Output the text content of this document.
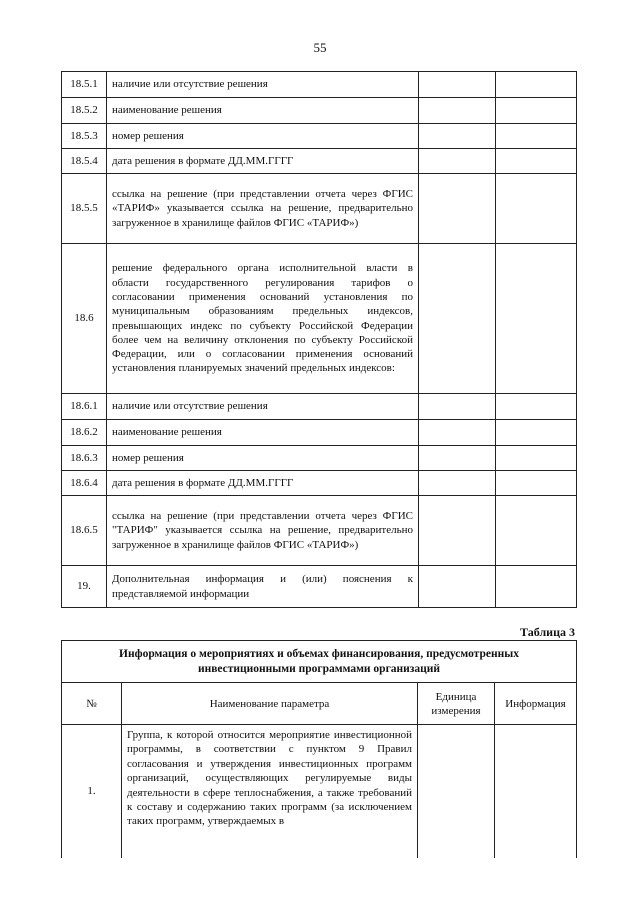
55
18.5.1	наличие или отсутствие решения		
18.5.2	наименование решения		
18.5.3	номер решения		
18.5.4	дата решения в формате ДД.ММ.ГГГГ		
18.5.5	ссылка на решение (при представлении отчета через ФГИС «ТАРИФ» указывается ссылка на решение, предварительно загруженное в хранилище файлов ФГИС «ТАРИФ»)		
18.6	решение федерального органа исполнительной власти в области государственного регулирования тарифов о согласовании применения оснований установления по муниципальным образованиям предельных индексов, превышающих индекс по субъекту Российской Федерации более чем на величину отклонения по субъекту Российской Федерации, или о согласовании применения оснований установления планируемых значений предельных индексов:		
18.6.1	наличие или отсутствие решения		
18.6.2	наименование решения		
18.6.3	номер решения		
18.6.4	дата решения в формате ДД.ММ.ГГГГ		
18.6.5	ссылка на решение (при представлении отчета через ФГИС "ТАРИФ" указывается ссылка на решение, предварительно загруженное в хранилище файлов ФГИС «ТАРИФ»)		
19.	Дополнительная информация и (или) пояснения к представляемой информации		
Таблица 3
Информация о мероприятиях и объемах финансирования, предусмотренных инвестиционными программами организаций			
№	Наименование параметра	Единица измерения	Информация
1.	Группа, к которой относится мероприятие инвестиционной программы, в соответствии с пунктом 9 Правил согласования и утверждения инвестиционных программ организаций, осуществляющих регулируемые виды деятельности в сфере теплоснабжения, а также требований к составу и содержанию таких программ (за исключением таких программ, утверждаемых в		
